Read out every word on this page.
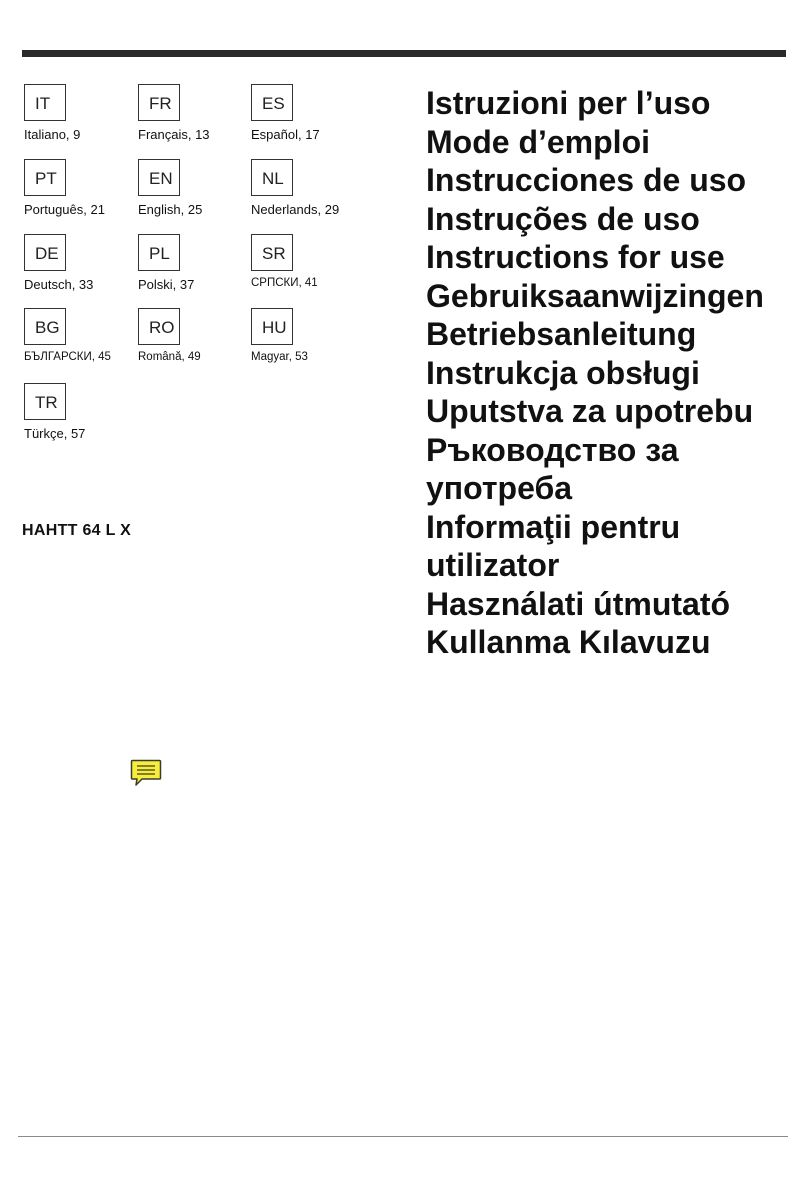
IT
Italiano, 9
FR
Français, 13
ES
Español, 17
PT
Português, 21
EN
English, 25
NL
Nederlands, 29
DE
Deutsch, 33
PL
Polski, 37
SR
СРПСКИ, 41
BG
БЪЛГАРСКИ, 45
RO
Română, 49
HU
Magyar, 53
TR
Türkçe, 57
HAHTT 64 L X
Istruzioni per l’uso
Mode d’emploi
Instrucciones de uso
Instruções de uso
Instructions for use
Gebruiksaanwijzingen
Betriebsanleitung
Instrukcja obsługi
Uputstva za upotrebu
Ръководство за употреба
Informaţii pentru utilizator
Használati útmutató
Kullanma Kılavuzu
